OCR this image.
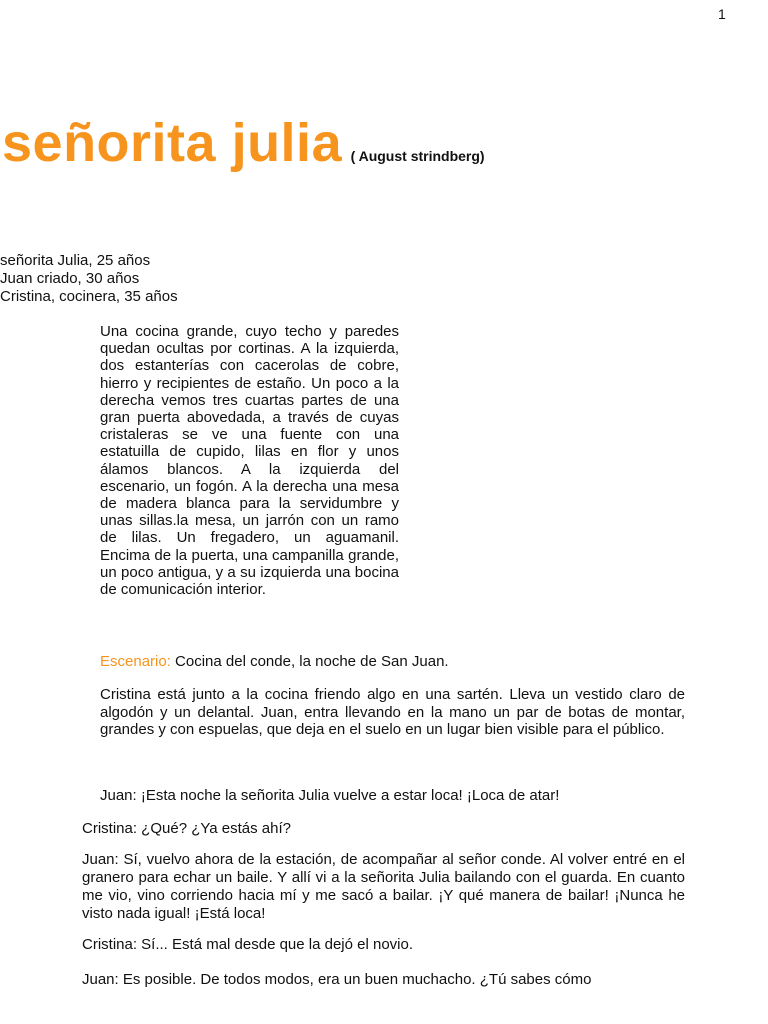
1
señorita julia ( August strindberg)
señorita Julia, 25 años
Juan criado, 30 años
Cristina, cocinera, 35 años
Una cocina grande, cuyo techo y paredes quedan ocultas por cortinas. A la izquierda, dos estanterías con cacerolas de cobre, hierro y recipientes de estaño. Un poco a la derecha vemos tres cuartas partes de una gran puerta abovedada, a través de cuyas cristaleras se ve una fuente con una estatuilla de cupido, lilas en flor y unos álamos blancos. A la izquierda del escenario, un fogón. A la derecha una mesa de madera blanca para la servidumbre y unas sillas.la mesa, un jarrón con un ramo de lilas. Un fregadero, un aguamanil. Encima de la puerta, una campanilla grande, un poco antigua, y a su izquierda una bocina de comunicación interior.
Escenario: Cocina del conde, la noche de San Juan.
Cristina está junto a la cocina friendo algo en una sartén. Lleva un vestido claro de algodón y un delantal. Juan, entra llevando en la mano un par de botas de montar, grandes y con espuelas, que deja en el suelo en un lugar bien visible para el público.
Juan: ¡Esta noche la señorita Julia vuelve a estar loca! ¡Loca de atar!
Cristina: ¿Qué? ¿Ya estás ahí?
Juan: Sí, vuelvo ahora de la estación, de acompañar al señor conde. Al volver entré en el granero para echar un baile. Y allí vi a la señorita Julia bailando con el guarda. En cuanto me vio, vino corriendo hacia mí y me sacó a bailar. ¡Y qué manera de bailar! ¡Nunca he visto nada igual! ¡Está loca!
Cristina: Sí... Está mal desde que la dejó el novio.
Juan: Es posible. De todos modos, era un buen muchacho. ¿Tú sabes cómo
